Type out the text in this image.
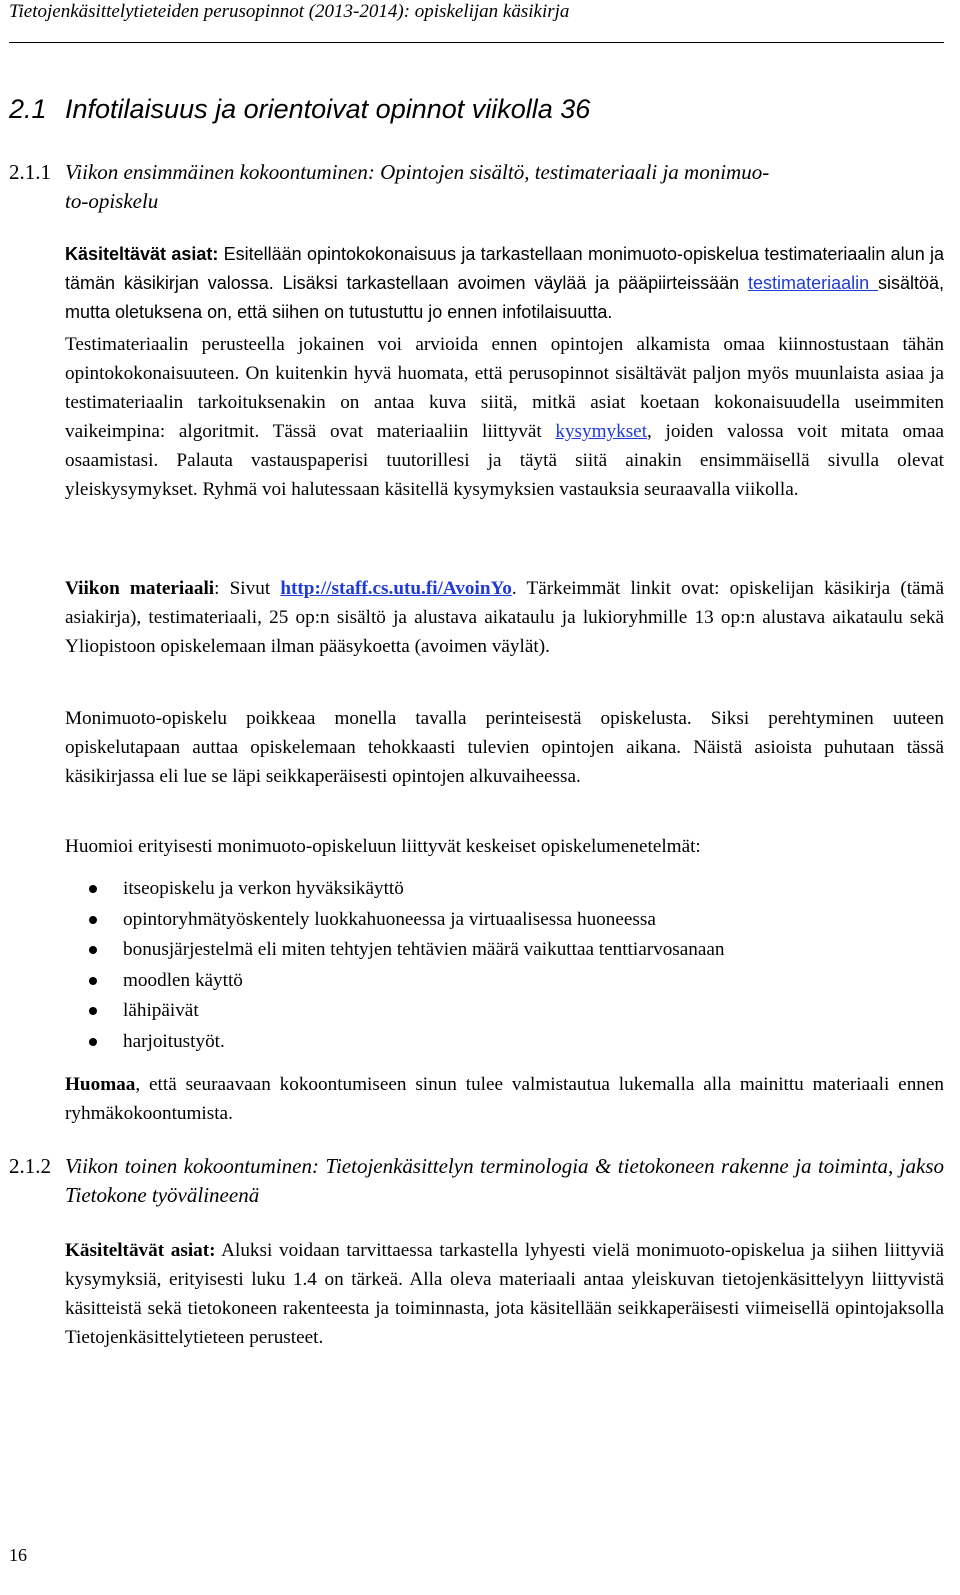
Tietojenkäsittelytieteiden perusopinnot (2013-2014): opiskelijan käsikirja
2.1 Infotilaisuus ja orientoivat opinnot viikolla 36
2.1.1 Viikon ensimmäinen kokoontuminen: Opintojen sisältö, testimateriaali ja monimuo-
to-opiskelu
Käsiteltävät asiat: Esitellään opintokokonaisuus ja tarkastellaan monimuoto-opiskelua testimateriaalin alun ja tämän käsikirjan valossa. Lisäksi tarkastellaan avoimen väylää ja pääpiirteissään testimateriaalin sisältöä, mutta oletuksena on, että siihen on tutustuttu jo ennen infotilaisuutta.
Testimateriaalin perusteella jokainen voi arvioida ennen opintojen alkamista omaa kiinnostustaan tähän opintokokonaisuuteen. On kuitenkin hyvä huomata, että perusopinnot sisältävät paljon myös muunlaista asiaa ja testimateriaalin tarkoituksenakin on antaa kuva siitä, mitkä asiat koetaan kokonaisuudella useimmiten vaikeimpina: algoritmit. Tässä ovat materiaaliin liittyvät kysymykset, joiden valossa voit mitata omaa osaamistasi. Palauta vastauspaperisi tuutorillesi ja täytä siitä ainakin ensimmäisellä sivulla olevat yleiskysymykset. Ryhmä voi halutessaan käsitellä kysymyksien vastauksia seuraavalla viikolla.
Viikon materiaali: Sivut http://staff.cs.utu.fi/AvoinYo. Tärkeimmät linkit ovat: opiskelijan käsikirja (tämä asiakirja), testimateriaali, 25 op:n sisältö ja alustava aikataulu ja lukioryhmille 13 op:n alustava aikataulu sekä Yliopistoon opiskelemaan ilman pääsykoetta (avoimen väylät).
Monimuoto-opiskelu poikkeaa monella tavalla perinteisestä opiskelusta. Siksi perehtyminen uuteen opiskelutapaan auttaa opiskelemaan tehokkaasti tulevien opintojen aikana. Näistä asioista puhutaan tässä käsikirjassa eli lue se läpi seikkaperäisesti opintojen alkuvaiheessa.
Huomioi erityisesti monimuoto-opiskeluun liittyvät keskeiset opiskelumenetelmät:
itseopiskelu ja verkon hyväksikäyttö
opintoryhmätyöskentely luokkahuoneessa ja virtuaalisessa huoneessa
bonusjärjestelmä eli miten tehtyjen tehtävien määrä vaikuttaa tenttiarvosanaan
moodlen käyttö
lähipäivät
harjoitustyöt.
Huomaa, että seuraavaan kokoontumiseen sinun tulee valmistautua lukemalla alla mainittu materiaali ennen ryhmäkokoontumista.
2.1.2 Viikon toinen kokoontuminen: Tietojenkäsittelyn terminologia & tietokoneen rakenne ja toiminta, jakso Tietokone työvälineenä
Käsiteltävät asiat: Aluksi voidaan tarvittaessa tarkastella lyhyesti vielä monimuoto-opiskelua ja siihen liittyviä kysymyksiä, erityisesti luku 1.4 on tärkeä. Alla oleva materiaali antaa yleiskuvan tietojenkäsittelyyn liittyvistä käsitteistä sekä tietokoneen rakenteesta ja toiminnasta, jota käsitellään seikkaperäisesti viimeisellä opintojaksolla Tietojenkäsittelytieteen perusteet.
16
